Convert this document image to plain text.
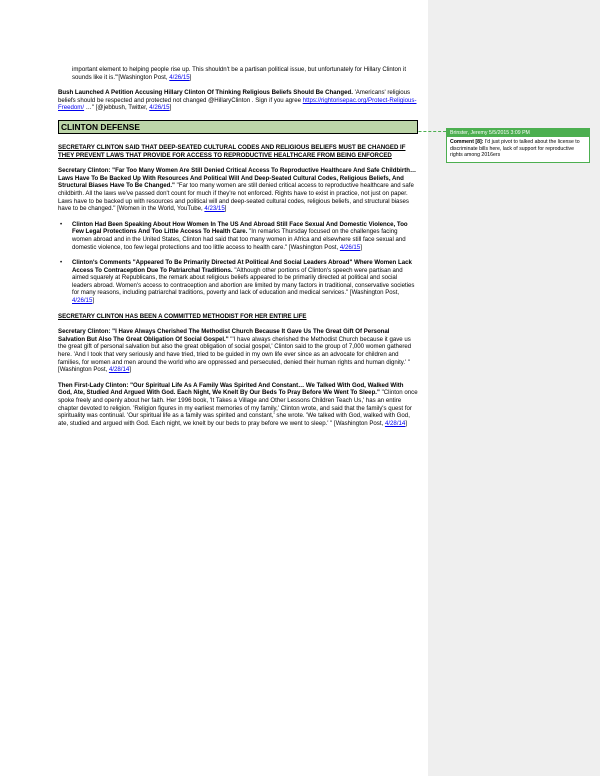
important element to helping people rise up. This shouldn't be a partisan political issue, but unfortunately for Hillary Clinton it sounds like it is.'"[Washington Post, 4/26/15]

Bush Launched A Petition Accusing Hillary Clinton Of Thinking Religious Beliefs Should Be Changed. 'Americans' religious beliefs should be respected and protected not changed @HillaryClinton . Sign if you agree https://rightorisepac.org/Protect-Religious-Freedom/ …" [@jebbush, Twitter, 4/26/15]

CLINTON DEFENSE

SECRETARY CLINTON SAID THAT DEEP-SEATED CULTURAL CODES AND RELIGIOUS BELIEFS MUST BE CHANGED IF THEY PREVENT LAWS THAT PROVIDE FOR ACCESS TO REPRODUCTIVE HEALTHCARE FROM BEING ENFORCED

Secretary Clinton: "Far Too Many Women Are Still Denied Critical Access To Reproductive Healthcare And Safe Childbirth…Laws Have To Be Backed Up With Resources And Political Will And Deep-Seated Cultural Codes, Religious Beliefs, And Structural Biases Have To Be Changed." "Far too many women are still denied critical access to reproductive healthcare and safe childbirth. All the laws we've passed don't count for much if they're not enforced. Rights have to exist in practice, not just on paper. Laws have to be backed up with resources and political will and deep-seated cultural codes, religious beliefs, and structural biases have to be changed." [Women in the World, YouTube, 4/23/15]

• Clinton Had Been Speaking About How Women In The US And Abroad Still Face Sexual And Domestic Violence, Too Few Legal Protections And Too Little Access To Health Care. "In remarks Thursday focused on the challenges facing women abroad and in the United States, Clinton had said that too many women in Africa and elsewhere still face sexual and domestic violence, too few legal protections and too little access to health care." [Washington Post, 4/26/15]
• Clinton's Comments "Appeared To Be Primarily Directed At Political And Social Leaders Abroad" Where Women Lack Access To Contraception Due To Patriarchal Traditions. "Although other portions of Clinton's speech were partisan and aimed squarely at Republicans, the remark about religious beliefs appeared to be primarily directed at political and social leaders abroad. Women's access to contraception and abortion are limited by many factors in traditional, conservative societies for many reasons, including patriarchal traditions, poverty and lack of education and medical services." [Washington Post, 4/26/15]

SECRETARY CLINTON HAS BEEN A COMMITTED METHODIST FOR HER ENTIRE LIFE

Secretary Clinton: "I Have Always Cherished The Methodist Church Because It Gave Us The Great Gift Of Personal Salvation But Also The Great Obligation Of Social Gospel." "'I have always cherished the Methodist Church because it gave us the great gift of personal salvation but also the great obligation of social gospel,' Clinton said to the group of 7,000 women gathered here. 'And I took that very seriously and have tried, tried to be guided in my own life ever since as an advocate for children and families, for women and men around the world who are oppressed and persecuted, denied their human rights and human dignity.' " [Washington Post, 4/28/14]

Then First-Lady Clinton: "Our Spiritual Life As A Family Was Spirited And Constant… We Talked With God, Walked With God, Ate, Studied And Argued With God. Each Night, We Knelt By Our Beds To Pray Before We Went To Sleep." "Clinton once spoke freely and openly about her faith. Her 1996 book, 'It Takes a Village and Other Lessons Children Teach Us,' has an entire chapter devoted to religion. 'Religion figures in my earliest memories of my family,' Clinton wrote, and said that the family's quest for spirituality was continual. 'Our spiritual life as a family was spirited and constant,' she wrote. 'We talked with God, walked with God, ate, studied and argued with God. Each night, we knelt by our beds to pray before we went to sleep.' " [Washington Post, 4/28/14]

Brinster, Jeremy 5/5/2015 3:09 PM
Comment [8]: I'd just pivot to talked about the license to discriminate bills here, lack of support for reproductive rights among 2016ers
